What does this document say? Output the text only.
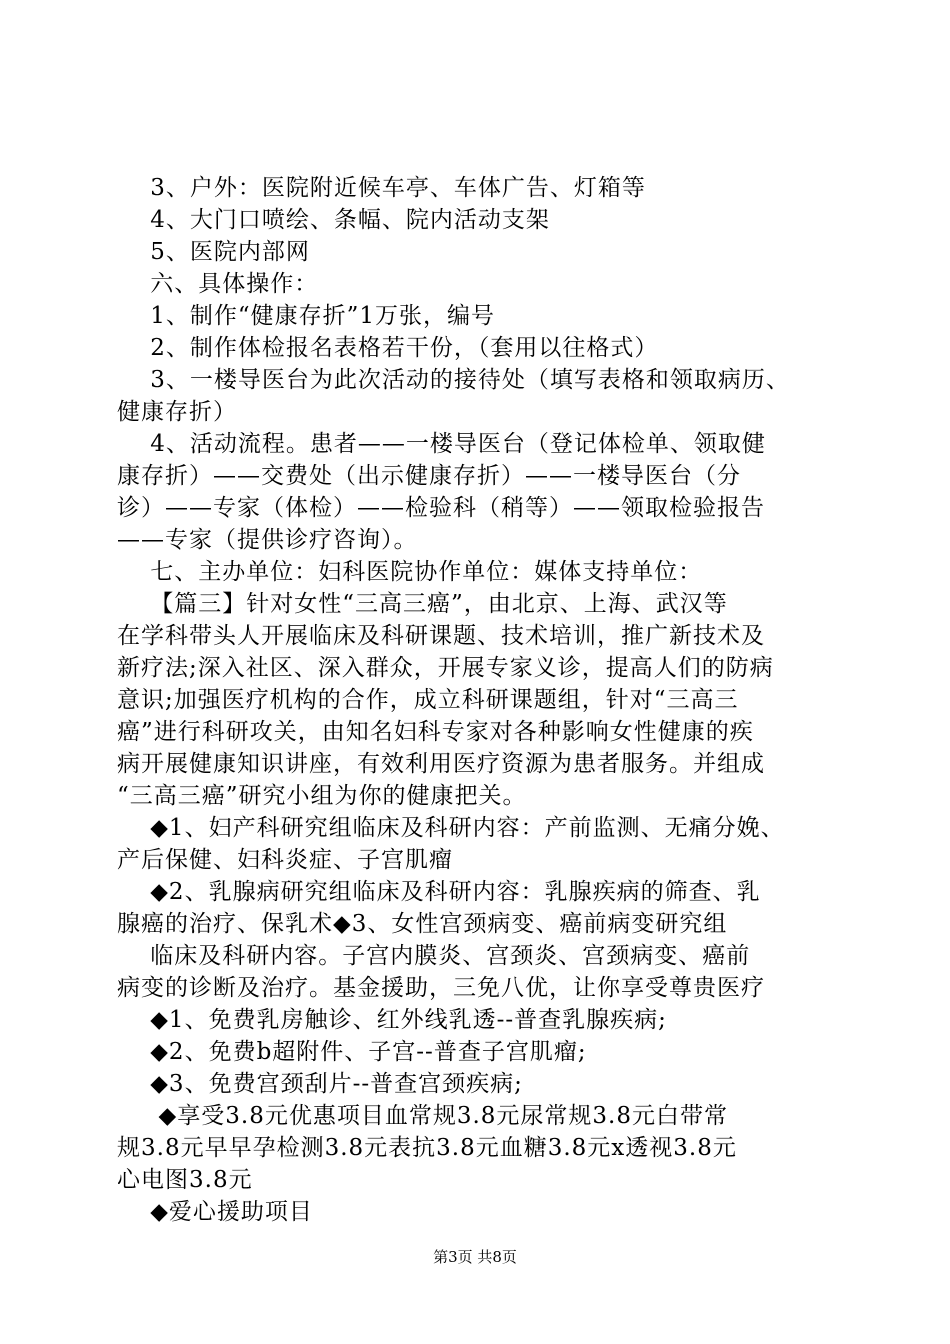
3、户外：医院附近候车亭、车体广告、灯箱等
4、大门口喷绘、条幅、院内活动支架
5、医院内部网
六、具体操作：
1、制作“健康存折”1万张，编号
2、制作体检报名表格若干份，（套用以往格式）
3、一楼导医台为此次活动的接待处（填写表格和领取病历、
健康存折）
4、活动流程。患者——一楼导医台（登记体检单、领取健
康存折）——交费处（出示健康存折）——一楼导医台（分
诊）——专家（体检）——检验科（稍等）——领取检验报告
——专家（提供诊疗咨询）。
七、主办单位：妇科医院协作单位：媒体支持单位：
【篇三】针对女性“三高三癌”，由北京、上海、武汉等
在学科带头人开展临床及科研课题、技术培训，推广新技术及
新疗法;深入社区、深入群众，开展专家义诊，提高人们的防病
意识;加强医疗机构的合作，成立科研课题组，针对“三高三
癌”进行科研攻关，由知名妇科专家对各种影响女性健康的疾
病开展健康知识讲座，有效利用医疗资源为患者服务。并组成
“三高三癌”研究小组为你的健康把关。
◆1、妇产科研究组临床及科研内容：产前监测、无痛分娩、
产后保健、妇科炎症、子宫肌瘤
◆2、乳腺病研究组临床及科研内容：乳腺疾病的筛查、乳
腺癌的治疗、保乳术◆3、女性宫颈病变、癌前病变研究组
临床及科研内容。子宫内膜炎、宫颈炎、宫颈病变、癌前
病变的诊断及治疗。基金援助，三免八优，让你享受尊贵医疗
◆1、免费乳房触诊、红外线乳透--普查乳腺疾病;
◆2、免费b超附件、子宫--普查子宫肌瘤;
◆3、免费宫颈刮片--普查宫颈疾病;
◆享受3.8元优惠项目血常规3.8元尿常规3.8元白带常
规3.8元早早孕检测3.8元表抗3.8元血糖3.8元x透视3.8元
心电图3.8元
◆爱心援助项目
第3页 共8页
